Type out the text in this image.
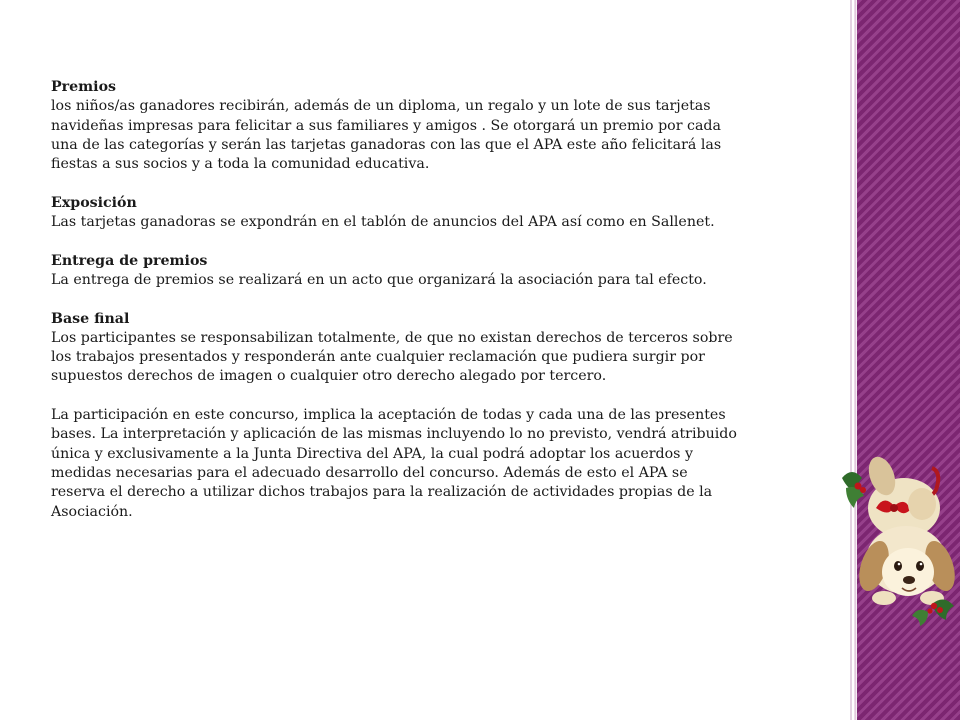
Premios
los niños/as ganadores recibirán, además de un diploma, un regalo y un lote de sus tarjetas navideñas impresas para felicitar a sus familiares y amigos . Se otorgará un premio por cada una de las categorías y serán las tarjetas ganadoras con las que el APA este año felicitará las fiestas a sus socios y a toda la comunidad educativa.
Exposición
Las tarjetas ganadoras se expondrán en el tablón de anuncios del APA así como en Sallenet.
Entrega de premios
La entrega de premios se realizará en un acto que organizará la asociación para tal efecto.
Base final
Los participantes se responsabilizan totalmente, de que no existan derechos de terceros sobre los trabajos presentados y responderán ante cualquier reclamación que pudiera surgir por supuestos derechos de imagen o cualquier otro derecho alegado por tercero.
La participación en este concurso, implica la aceptación de todas y cada una de las presentes bases. La interpretación y aplicación de las mismas incluyendo lo no previsto, vendrá atribuido única y exclusivamente a la Junta Directiva del APA, la cual podrá adoptar los acuerdos y medidas necesarias para el adecuado desarrollo del concurso. Además de esto el APA se reserva el derecho a utilizar dichos trabajos para la realización de actividades propias de la Asociación.
